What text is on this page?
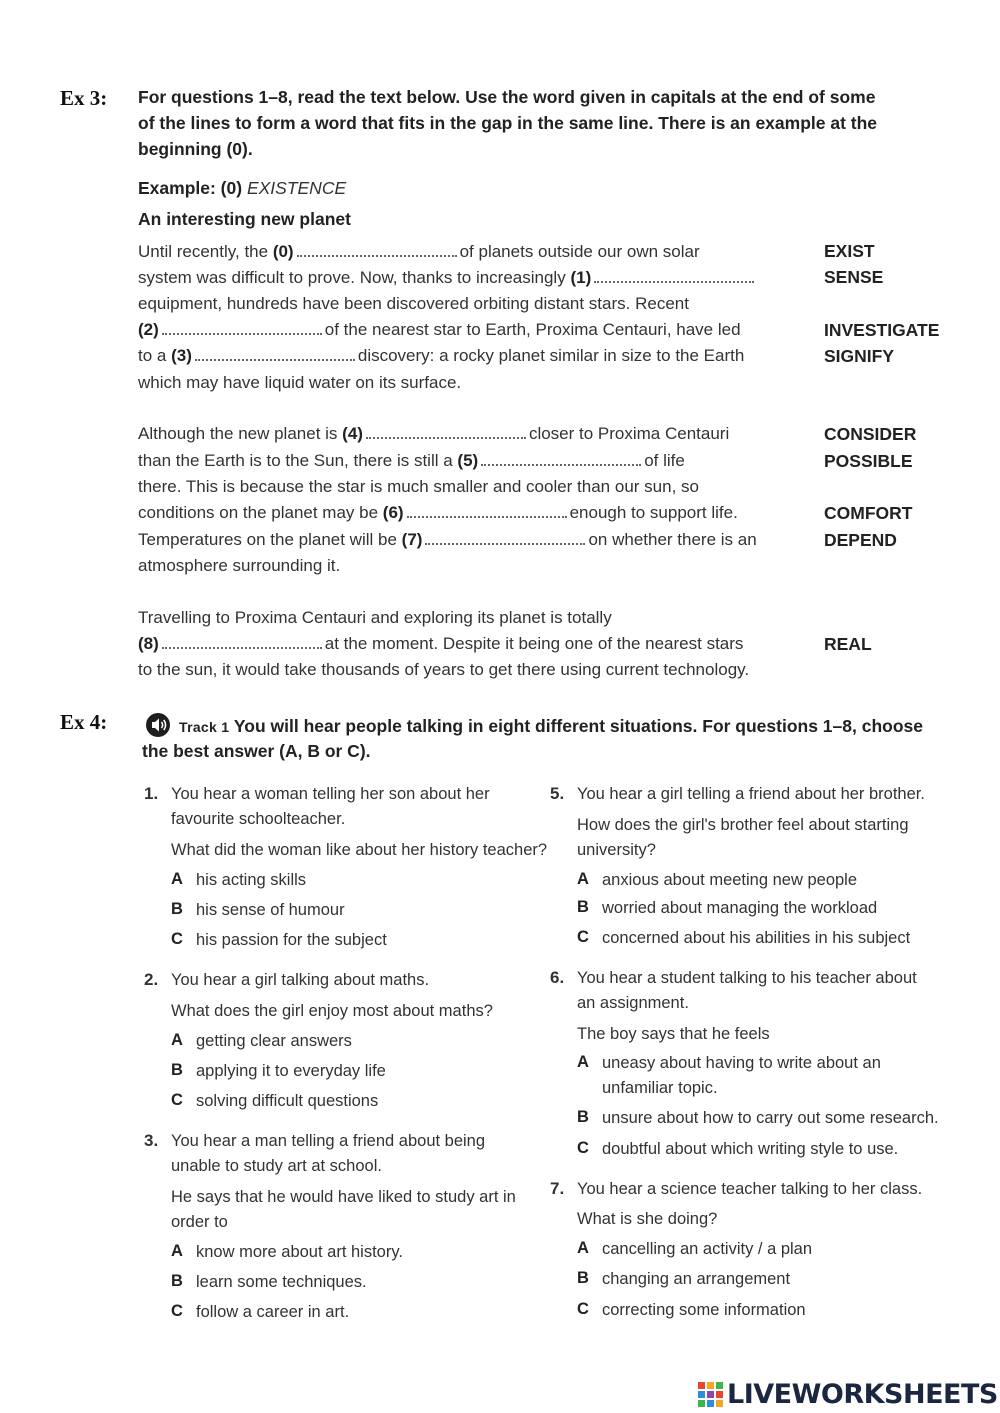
Ex 3: For questions 1–8, read the text below. Use the word given in capitals at the end of some
of the lines to form a word that fits in the gap in the same line. There is an example at the
beginning (0).
Example: (0) EXISTENCE
An interesting new planet
Until recently, the (0)	of planets outside our own solar
system was difficult to prove. Now, thanks to increasingly (1)
equipment, hundreds have been discovered orbiting distant stars. Recent
(2)	of the nearest star to Earth, Proxima Centauri, have led
to a (3)	discovery: a rocky planet similar in size to the Earth
which may have liquid water on its surface.
Although the new planet is (4)	closer to Proxima Centauri
than the Earth is to the Sun, there is still a (5)	of life
there. This is because the star is much smaller and cooler than our sun, so
conditions on the planet may be (6)	enough to support life.
Temperatures on the planet will be (7)	on whether there is an
atmosphere surrounding it.
Travelling to Proxima Centauri and exploring its planet is totally
(8)	at the moment. Despite it being one of the nearest stars
to the sun, it would take thousands of years to get there using current technology.
EXIST
SENSE
INVESTIGATE
SIGNIFY
CONSIDER
POSSIBLE
COMFORT
DEPEND
REAL
Ex 4:	Track 1 You will hear people talking in eight different situations. For questions 1–8, choose
the best answer (A, B or C).
1. You hear a woman telling her son about her
favourite schoolteacher.
What did the woman like about her history teacher?
A his acting skills
B his sense of humour
C his passion for the subject
2. You hear a girl talking about maths.
What does the girl enjoy most about maths?
A getting clear answers
B applying it to everyday life
C solving difficult questions
3. You hear a man telling a friend about being
unable to study art at school.
He says that he would have liked to study art in
order to
A know more about art history.
B learn some techniques.
C follow a career in art.
5. You hear a girl telling a friend about her brother.
How does the girl's brother feel about starting
university?
A anxious about meeting new people
B worried about managing the workload
C concerned about his abilities in his subject
6. You hear a student talking to his teacher about
an assignment.
The boy says that he feels
A uneasy about having to write about an
unfamiliar topic.
B unsure about how to carry out some research.
C doubtful about which writing style to use.
7. You hear a science teacher talking to her class.
What is she doing?
A cancelling an activity / a plan
B changing an arrangement
C correcting some information
LIVEWORKSHEETS
